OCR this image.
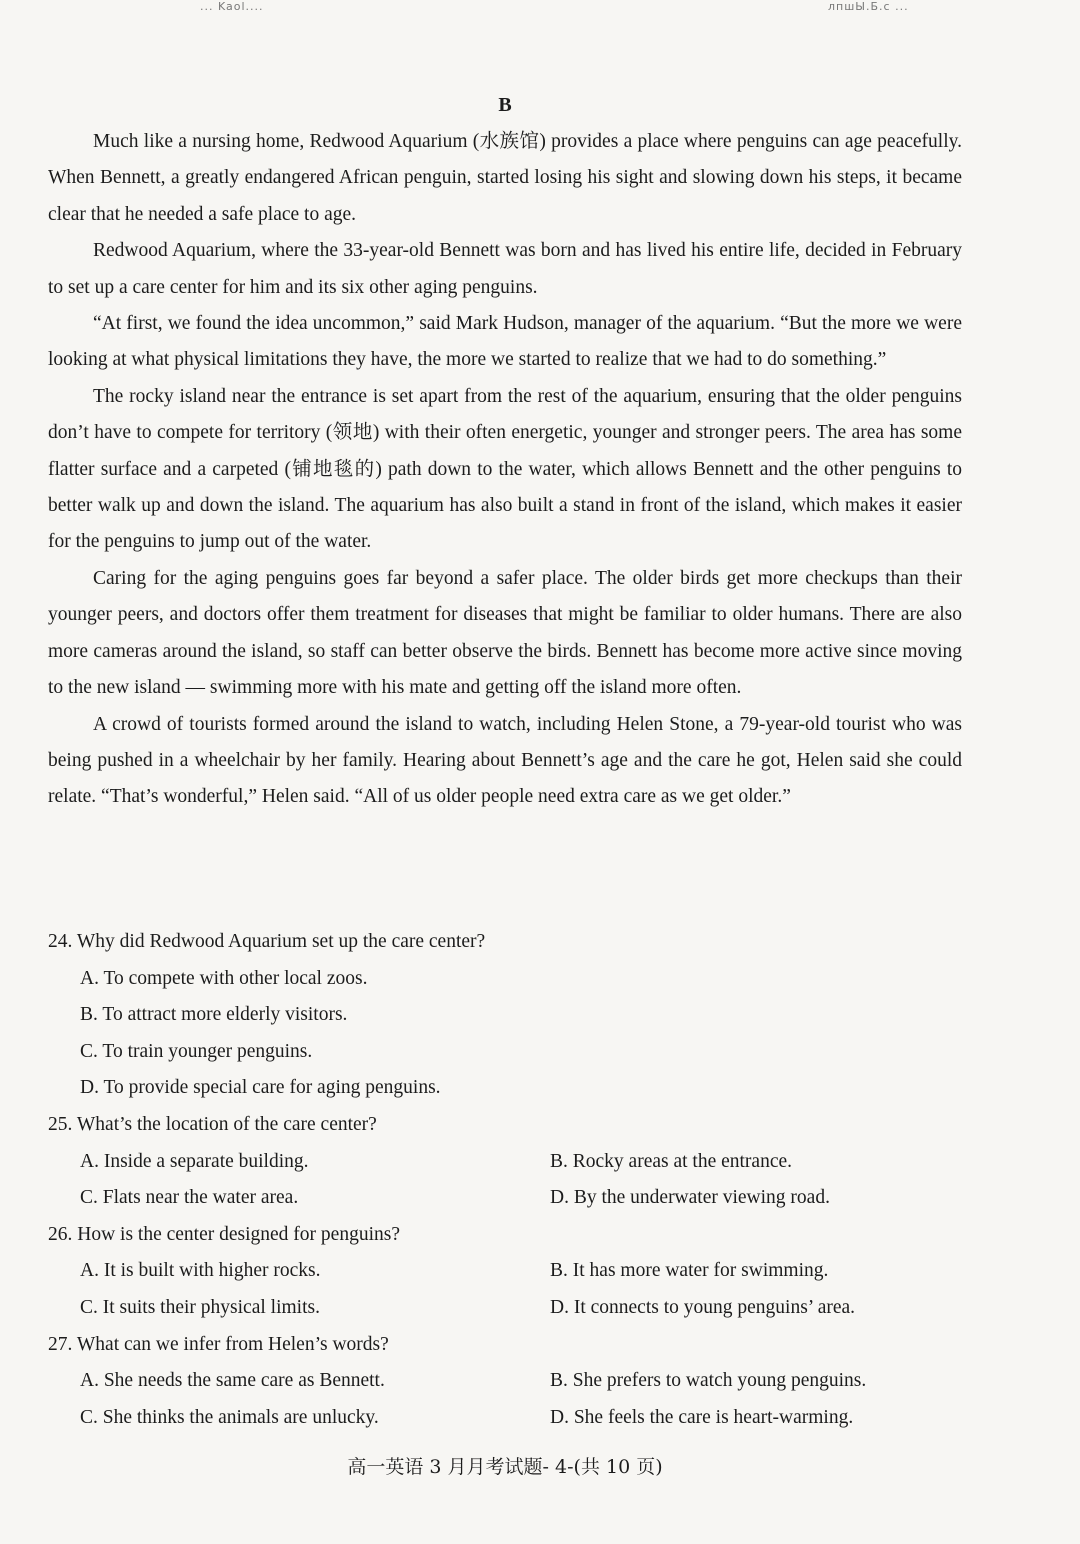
... Kaol....	лпшЫ.Б.с ...
B

Much like a nursing home, Redwood Aquarium (水族馆) provides a place where penguins can age peacefully. When Bennett, a greatly endangered African penguin, started losing his sight and slowing down his steps, it became clear that he needed a safe place to age.

Redwood Aquarium, where the 33-year-old Bennett was born and has lived his entire life, decided in February to set up a care center for him and its six other aging penguins.

“At first, we found the idea uncommon,” said Mark Hudson, manager of the aquarium. “But the more we were looking at what physical limitations they have, the more we started to realize that we had to do something.”

The rocky island near the entrance is set apart from the rest of the aquarium, ensuring that the older penguins don’t have to compete for territory (领地) with their often energetic, younger and stronger peers. The area has some flatter surface and a carpeted (铺地毯的) path down to the water, which allows Bennett and the other penguins to better walk up and down the island. The aquarium has also built a stand in front of the island, which makes it easier for the penguins to jump out of the water.

Caring for the aging penguins goes far beyond a safer place. The older birds get more checkups than their younger peers, and doctors offer them treatment for diseases that might be familiar to older humans. There are also more cameras around the island, so staff can better observe the birds. Bennett has become more active since moving to the new island — swimming more with his mate and getting off the island more often.

A crowd of tourists formed around the island to watch, including Helen Stone, a 79-year-old tourist who was being pushed in a wheelchair by her family. Hearing about Bennett’s age and the care he got, Helen said she could relate. “That’s wonderful,” Helen said. “All of us older people need extra care as we get older.”

24. Why did Redwood Aquarium set up the care center?

A. To compete with other local zoos.

B. To attract more elderly visitors.

C. To train younger penguins.

D. To provide special care for aging penguins.

25. What’s the location of the care center?

A. Inside a separate building.	B. Rocky areas at the entrance.

C. Flats near the water area.	D. By the underwater viewing road.

26. How is the center designed for penguins?

A. It is built with higher rocks.	B. It has more water for swimming.

C. It suits their physical limits.	D. It connects to young penguins’ area.

27. What can we infer from Helen’s words?

A. She needs the same care as Bennett.	B. She prefers to watch young penguins.

C. She thinks the animals are unlucky.	D. She feels the care is heart-warming.

高一英语 3 月月考试题- 4-(共 10 页)
